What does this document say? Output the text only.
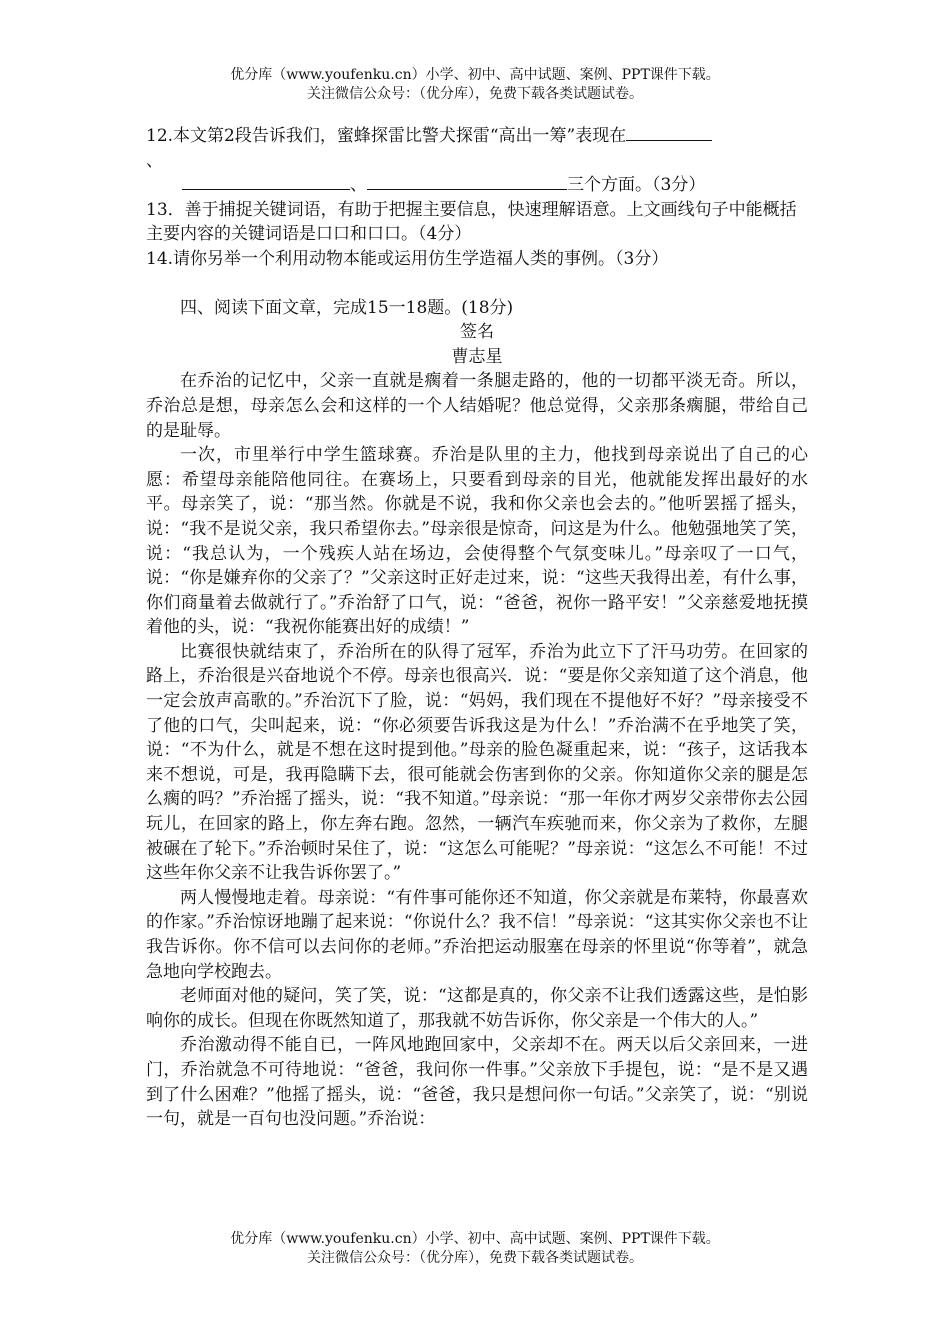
优分库（www.youfenku.cn）小学、初中、高中试题、案例、PPT课件下载。
关注微信公众号：（优分库），免费下载各类试题试卷。

12.本文第2段告诉我们，蜜蜂探雷比警犬探雷“高出一筹”表现在
、
、	三个方面。（3分）

13．善于捕捉关键词语，有助于把握主要信息，快速理解语意。上文画线句子中能概括主要内容的关键词语是口口和口口。（4分）

14.请你另举一个利用动物本能或运用仿生学造福人类的事例。（3分）

四、阅读下面文章，完成15一18题。(18分)

签名

曹志星

在乔治的记忆中，父亲一直就是瘸着一条腿走路的，他的一切都平淡无奇。所以，乔治总是想，母亲怎么会和这样的一个人结婚呢？他总觉得，父亲那条瘸腿，带给自己的是耻辱。

一次，市里举行中学生篮球赛。乔治是队里的主力，他找到母亲说出了自己的心愿：希望母亲能陪他同往。在赛场上，只要看到母亲的目光，他就能发挥出最好的水平。母亲笑了，说：“那当然。你就是不说，我和你父亲也会去的。”他听罢摇了摇头，说：“我不是说父亲，我只希望你去。”母亲很是惊奇，问这是为什么。他勉强地笑了笑，说：“我总认为，一个残疾人站在场边，会使得整个气氛变味儿。”母亲叹了一口气，说：“你是嫌弃你的父亲了？”父亲这时正好走过来，说：“这些天我得出差，有什么事，你们商量着去做就行了。”乔治舒了口气，说：“爸爸，祝你一路平安！”父亲慈爱地抚摸着他的头，说：“我祝你能赛出好的成绩！”

比赛很快就结束了，乔治所在的队得了冠军，乔治为此立下了汗马功劳。在回家的路上，乔治很是兴奋地说个不停。母亲也很高兴．说：“要是你父亲知道了这个消息，他一定会放声高歌的。”乔治沉下了脸，说：“妈妈，我们现在不提他好不好？”母亲接受不了他的口气，尖叫起来，说：“你必须要告诉我这是为什么！”乔治满不在乎地笑了笑，说：“不为什么，就是不想在这时提到他。”母亲的脸色凝重起来，说：“孩子，这话我本来不想说，可是，我再隐瞒下去，很可能就会伤害到你的父亲。你知道你父亲的腿是怎么瘸的吗？”乔治摇了摇头，说：“我不知道。”母亲说：“那一年你才两岁父亲带你去公园玩儿，在回家的路上，你左奔右跑。忽然，一辆汽车疾驰而来，你父亲为了救你，左腿被碾在了轮下。”乔治顿时呆住了，说：“这怎么可能呢？”母亲说：“这怎么不可能！不过这些年你父亲不让我告诉你罢了。”

两人慢慢地走着。母亲说：“有件事可能你还不知道，你父亲就是布莱特，你最喜欢的作家。”乔治惊讶地蹦了起来说：“你说什么？我不信！”母亲说：“这其实你父亲也不让我告诉你。你不信可以去问你的老师。”乔治把运动服塞在母亲的怀里说“你等着”，就急急地向学校跑去。

老师面对他的疑问，笑了笑，说：“这都是真的，你父亲不让我们透露这些，是怕影响你的成长。但现在你既然知道了，那我就不妨告诉你，你父亲是一个伟大的人。”

乔治激动得不能自已，一阵风地跑回家中，父亲却不在。两天以后父亲回来，一进门，乔治就急不可待地说：“爸爸，我问你一件事。”父亲放下手提包，说：“是不是又遇到了什么困难？”他摇了摇头，说：“爸爸，我只是想问你一句话。”父亲笑了，说：“别说一句，就是一百句也没问题。”乔治说：

优分库（www.youfenku.cn）小学、初中、高中试题、案例、PPT课件下载。
关注微信公众号：（优分库），免费下载各类试题试卷。
